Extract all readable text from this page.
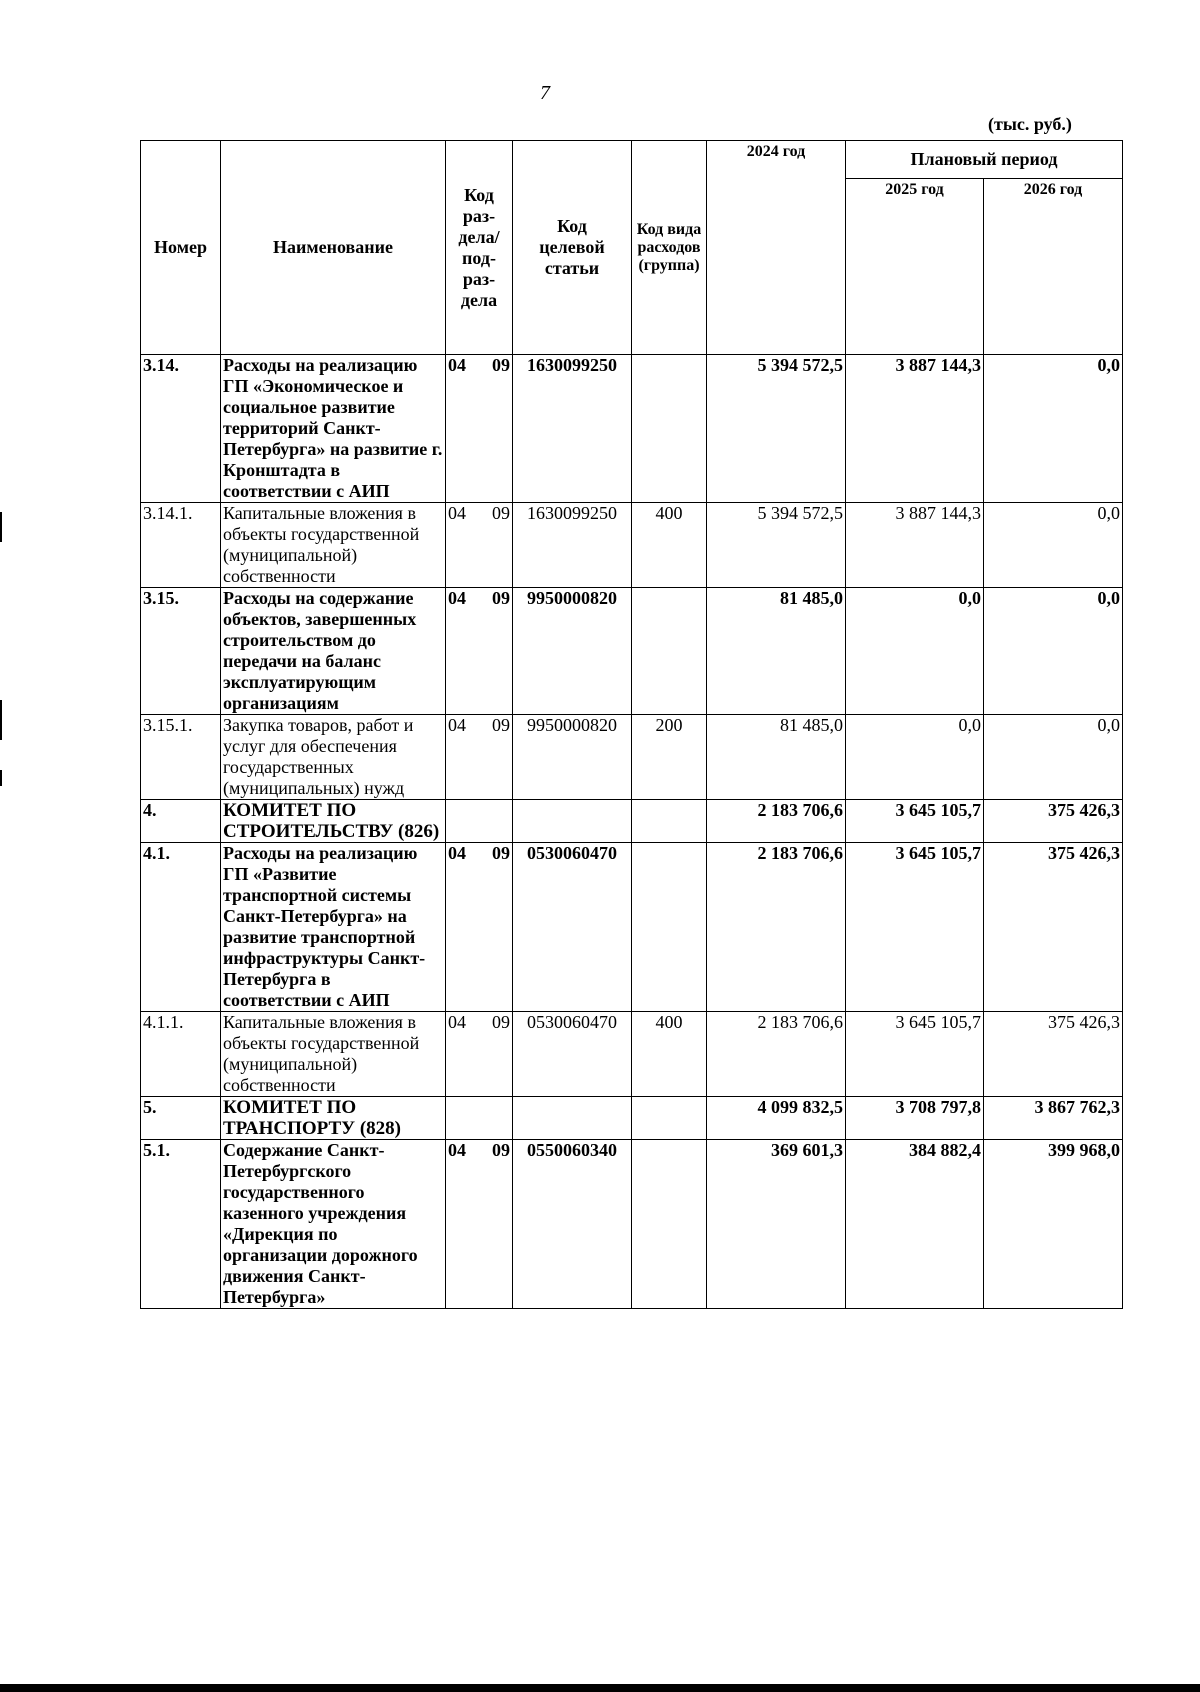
7
(тыс. руб.)
Номер	Наименование	Код раз-дела/ под-раз-дела	Код целевой статьи	Код вида расходов (группа)	2024 год	Плановый период	
						2025 год	2026 год
3.14.	Расходы на реализацию ГП «Экономическое и социальное развитие территорий Санкт-Петербурга» на развитие г. Кронштадта в соответствии с АИП	04 09	1630099250		5 394 572,5	3 887 144,3	0,0
3.14.1.	Капитальные вложения в объекты государственной (муниципальной) собственности	04 09	1630099250	400	5 394 572,5	3 887 144,3	0,0
3.15.	Расходы на содержание объектов, завершенных строительством до передачи на баланс эксплуатирующим организациям	04 09	9950000820		81 485,0	0,0	0,0
3.15.1.	Закупка товаров, работ и услуг для обеспечения государственных (муниципальных) нужд	04 09	9950000820	200	81 485,0	0,0	0,0
4.	КОМИТЕТ ПО СТРОИТЕЛЬСТВУ (826)				2 183 706,6	3 645 105,7	375 426,3
4.1.	Расходы на реализацию ГП «Развитие транспортной системы Санкт-Петербурга» на развитие транспортной инфраструктуры Санкт-Петербурга в соответствии с АИП	04 09	0530060470		2 183 706,6	3 645 105,7	375 426,3
4.1.1.	Капитальные вложения в объекты государственной (муниципальной) собственности	04 09	0530060470	400	2 183 706,6	3 645 105,7	375 426,3
5.	КОМИТЕТ ПО ТРАНСПОРТУ (828)				4 099 832,5	3 708 797,8	3 867 762,3
5.1.	Содержание Санкт-Петербургского государственного казенного учреждения «Дирекция по организации дорожного движения Санкт-Петербурга»	04 09	0550060340		369 601,3	384 882,4	399 968,0
